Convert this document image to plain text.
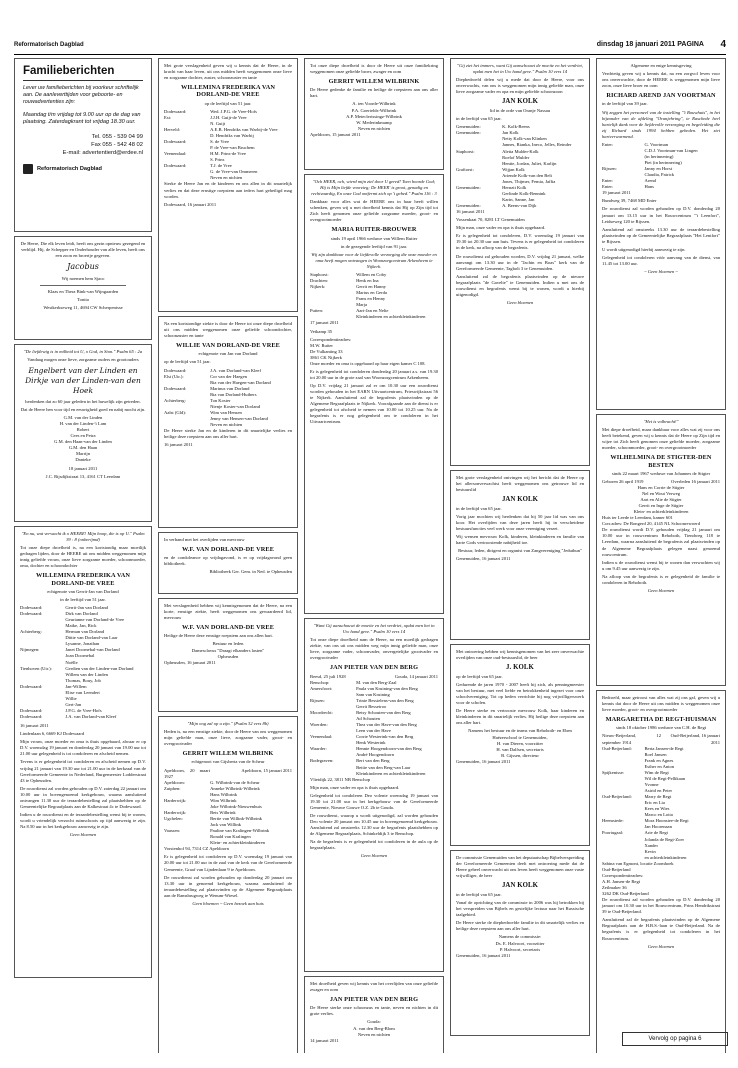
Reformatorisch Dagblad	dinsdag 18 januari 2011 PAGINA 4
Familieberichten
Lever uw familieberichten bij voorkeur schriftelijk aan. De aanleverttijden voor geboorte- en rouwadvertenties zijn:
Maandag t/m vrijdag tot 9.00 uur op de dag van plaatsing. Zaterdagkrant tot vrijdag 18.30 uur.
Tel. 055 - 539 04 99
Fax 055 - 542 48 02
E-mail: advertentierd@erdee.nl
Reformatorisch Dagblad

De Heere, Die elk leven leidt, heeft ons gezin opnieuw gezegend en verblijd. Hij, de Schepper en Onderhouder van alle leven, heeft ons een zoon en broertje gegeven.

Jacobus

Wij noemen hem Sjaco

Klaas en Thera Bink-van Wijngaarden

Tonita

Westkerkseweg 11, 4694 CW Scherpenisse

"De liefdewig is in milheid tot U, o God, in Sion." Psalm 65 : 2a

Vandaag mogen onze lieve, zorgzame ouders en grootouders

Engelbert van der Linden en Dirkje van der Linden-van den Hoek

herdenken dat zo 60 jaar geleden in het huwelijk zijn getreden.

Dat de Heere hen voor tijd en eeuwigheid goed en nabij mocht zijn.

G.M. van der Linden
H. van der Linden-'t Lam
Robert
Cees en Petra
G.M. den Haan-van der Linden
G.M. den Haan
Marrijn
Danieke

18 januari 2011

J.C. Rijsdijkstraat 13, 4161 CT Leerdam

"En nu, wat verwacht ik o HEERE! Mijn hoop, die is op U." Psalm 39 : 8 (onberijmd)

Tot onze diepe droefheid is, na een kortstondig maar moeilijk gedragen lijden, door de HEERE uit ons midden weggenomen mijn innig geliefde vrouw, onze lieve zorgzame moeder, schoonmoeder, oma, dochter en schoondochter

WILLEMINA FREDERIKA VAN DORLAND-DE VREE

echtgenote van Gerrit-Jan van Dorland

in de leeftijd van 51 jaar.

Dodewaard:	Gerrit-Jan van Dorland
Dodewaard:	Dirk van Dorland
Geurianne van Dorland-de Vree
Maike, Jan, Rick
Achterberg:	Herman van Dorland
Dittie van Dorland-van Laar
Lysanne, Jonathan
Nijmegen:	Janet Doornebal-van Dorland
Joan Doornebal
Noëlle
Tienhoven (Utr.):	Gerdien van der Linden-van Dorland
Willem van der Linden
Thomas, Bouy, Job
Dodewaard:	Jan-Willem
Elise van Leendert
Willie
Gert-Jan
Dodewaard:	J.P.G. de Vree-Hofs
Dodewaard:	J.A. van Dorland-van Kleef

16 januari 2011

Lindenlaan 6, 6669 KJ Dodewaard

Mijn vrouw, onze moeder en oma is thuis opgebaard, alwaar er op D.V. woensdag 19 januari en donderdag 20 januari van 19.00 uur tot 21.00 uur gelegenheid is tot condoleren en afscheid nemen.

Tevens is er gelegenheid tot condoleren en afscheid nemen op D.V. vrijdag 21 januari van 19.30 uur tot 21.00 uur in de kerkzaal van de Gereformeerde Gemeente in Nederland, Burgemeester Lodderstraat 43 te Opheusden.

De rouwdienst zal worden gehouden op D.V. zaterdag 22 januari om 10.00 uur in bovengenoemd kerkgebouw, waarna aansluitend ontvangen 11.30 uur de teraardebestelling zal plaatsbehben op de Gemeentelijke Begraafplaats aan de Kalkestraat 4c te Dodewaard.

Indien u de rouwdienst en de teraardebestelling wenst bij te wonen, wordt u vriendelijk verzocht ruimschoots op tijd aanwezig te zijn. Na 8.50 uur in het kerkgebouw aanwezig te zijn.

Geen bloemen

Met grote verslagenheid geven wij u kennis dat de Heere, in de kracht van haar leven, uit ons midden heeft weggenomen onze lieve en zorgzame dochter, zuster, schoonzuster en tante

WILLEMINA FREDERIKA VAN DORLAND-DE VREE

op de leeftijd van 51 jaar.

Dodewaard:	Wed. J.P.G. de Vree-Hofs
Est:	J.J.H. Guijt-de Vree
N. Guijt
Herveld:	A.E.B. Hendriks van Warbij-de Vree
D. Hendriks van Warbij
Dodewaard:	S. de Vree
P. de Vree-van Bruchem
Veenendaal:	H.M. Prins-de Vree
S. Prins
Dodewaard:	T.J. de Vree
G. de Vree-van Ommeren
Neven en nichten

Sterke de Heere Jan en de kinderen en ons allen in dit smartelijk verlies en dat deze ernstige roepstem aan ieders hart geheiligd mag worden.

Dodewaard, 16 januari 2011

Na een kortstondige ziekte is door de Heere tot onze diepe droefheid uit ons midden weggenomen onze geliefde schoondochter, schoonzuster en tante

WILLIE VAN DORLAND-DE VREE

echtgenote van Jan van Dorland

op de leeftijd van 51 jaar.

Dodewaard:	J.A. van Dorland-van Kleef
Elst (Utr.):	Cor van der Haegen
Ria van der Haegen-van Dorland
Dodewaard:	Marinus van Dorland
Ria van Dorland-Huibers
Achterberg:	Ton Koster
Nienje Koster-van Dorland
Aalst (Gld):	Wim van Hensen
Jenny van Hensen-van Dorland
Neven en nichten

De Heere sterke Jan en de kinderen in dit smartelijke verlies en heilige deze roepstem aan ons aller hart.

16 januari 2011

In verband met het overlijden van mevrouw

W.F. VAN DORLAND-DE VREE

en de condoleance op vrijdagavond, is er op vrijdagavond geen bibliotheek.

Bibliotheek Ger. Gem. in Ned. te Opheusden

Met verslagenheid hebben wij kennisgenomen dat de Heere, na een korte, ernstige ziekte, heeft weggenomen ons gewaardeerd lid, mevrouw

W.F. VAN DORLAND-DE VREE

Heilige de Heere deze ernstige roepstem aan ons allen hart.

Bestuur en leden
Damesclavus "Draagt elkanders lasten"
Opheusden

Opheusden, 16 januari 2011

"Mijn oog zal op u zijn." (Psalm 32 vers 8b)

Heden is, na een ernstige ziekte, door de Heere van ons weggenomen mijn geliefde man, onze lieve, zorgzame vader, groot- en overgrootvader

GERRIT WILLEM WILBRINK

echtgenoot van Gijsberta van de Scheur

Apeldoorn, 20 maart 1927
Apeldoorn, 15 januari 2011
Apeldoorn:	G. Wilbrink-van de Scheur
Zutphen:	Anneke Wilbrink-Wilbrink
Hans Wilbrink
Harderwijk:	Wim Wilbrink
Joke Wilbrink-Nieuwenhuis
Harderwijk:	Bets Wilbrink
Ugchelen:	Bertie van Willink-Wilbrink
Jack van Willink
Vaassen:	Pauline van Kralingen-Wilbrink
Ronald van Kralingen
Klein- en achterkleinkinderen

Vorstenhof 94, 7314 CZ Apeldoorn

Er is gelegenheid tot condoleren op D.V. woensdag 19 januari van 20.00 uur tot 21.00 uur in de zaal van de kerk van de Gereformeerde Gemeente, Graaf van Lijndenlaan 9 te Apeldoorn.

De rouwdienst zal worden gehouden op donderdag 20 januari om 13.30 uur in genoemd kerkgebouw, waarna aansluitend de teraardebestelling zal plaatsvinden op de Algemene Begraafplaats aan de Ramsbrugweg te Wenum-Wiesel.

Geen bloemen ~ Geen bezoek aan huis

Tot onze diepe droefheid is door de Heere uit onze familiekring weggenomen onze geliefde broer, zwager en oom

GERRIT WILLEM WILBRINK

De Heere gedenke de familie en heilige de roepsteen aan ons aller hart.

A. ten Voorde-Wilbrink
P.A. Goertelds-Wilbrink
A.P. Meteclerissingz-Wilbrink
W. Mederinkmamp
Neven en nichten

Apeldoorn, 15 januari 2011

"Och HEER, och, wierd mijn ziel door U gered! Toen hoorde God; Hij is Mijn liefde voorzieg; De HEER' is groot, genadig en rechtvaardig, En onze God ontfermt zich op 't gebed." Psalm 116 : 3

Dankbaar voor alles wat de HEERE ons in haar heeft willen schenken, geven wij u met droefheid kennis dat Hij op Zijn tijd tot Zich heeft genomen onze geliefde zorgzame moeder, groot- en overgrootmoeder

MARIA RUITER-BROUWER

sinds 19 april 1966 weduwe van Willem Ruiter

in de gezegende leeftijd van 91 jaar.

Wij zijn dankbaar voor de liefdevolle verzorging die onze moeder en oma heeft mogen ontvangen in Woonzorgcentrum Arkenheem te Nijkerk.

Staphorst:	Willem en Coby
Drachten:	Henk en Ina
Nijkerk:	Gerrit en Hanny
Marius en Gerda
Frans en Henny
Marja
Putten:	Aart-Jan en Nelie
Kleinkinderen en achterkleinkinderen

17 januari 2011

Vetkamp 35

Correspondentieadres:
M.W. Ruiter
De Vulkanting 33
3861 CK Nijkerk

Onze moeder en oma is opgebaard op haar eigen kamer C 108.

Er is gelegenheid tot condoleren donderdag 20 januari a.s. van 19.30 tot 20.00 uur in de grote zaal van Woonzorgcentrum Arkenheem.

Op D.V. vrijdag 21 januari zal er om 10.30 uur een rouwdienst worden gehouden in het EARN Uitvaartcentrum, Frieswijkstraat 56 te Nijkerk. Aansluitend zal de begrafenis plaatsvinden op de Algemene Begraafplaats te Nijkerk. Voorafgaande aan de dienst is er gelegenheid tot afscheid te nemen van 10.00 tot 10.25 uur. Na de begrafenis is er nog gelegenheid om te condoleren in het Uitvaartcentrum.

"Want Gij aanschouwt de moeite en het verdriet, opdat men het in Uw hand geve." Psalm 10 vers 14

Tot onze diepe droefheid nam de Heere, na een moeilijk gedragen ziekte, van ons uit ons midden weg mijn innig geliefde man, onze lieve, zorgzame vader, schoonvader, onvergetelijke grootvader en overgrootvader

JAN PIETER VAN DEN BERG
Beesd, 25 juli 1928	Gouda, 14 januari 2011
Benschop:	M. van den Berg-Zaal
Amersfoort:	Paula van Kruining-van den Berg
Sam van Kruining
Rijssen:	Trinie Bessielens-van den Berg
Gerrit Bessetroo
Moordrecht:	Betsy Schouten-van den Berg
Ad Schouten
Woerden:	Thea van der Have-van den Berg
Leen van der Have
Veenendaal:	Corrie Westerink-van den Berg
Henk Westerink
Waarder:	Hennie Hoogendoorn-van den Berg
André Hoogendoorn
Bodegraven:	Bert van den Berg
Bettie van den Berg-van Laar
Kleinkinderen en achterkleinkinderen

Vlietdijk 22, 3811 NB Benschop

Mijn man, onze vader en opa is thuis opgebaard.

Gelegenheid tot condoleren Deo volente woensdag 19 januari van 19.30 tot 21.00 uur in het kerkgebouw van de Gereformeerde Gemeente, Nieuwe Gouwe O.Z. 2b te Gouda.

De rouwdienst, waarop u wordt uitgenodigd, zal worden gehouden Deo volente 20 januari om 10.45 uur in bovengenoemd kerkgebouw. Aansluitend zal omstreeks 12.30 uur de begrafenis plaatshebben op de Algemene Begraafplaats, Schinkeldijk 3 te Benschop.

Na de begrafenis is er gelegenheid tot condoleren in de aula op de begraafplaats.

Geen bloemen

Met droefheid geven wij kennis van het overlijden van onze geliefde zwager en oom

JAN PIETER VAN DEN BERG

De Heere sterke onze schoonzus en tante, neven en nichten in dit grote verlies.

Gouda:
A. van den Berg-Blom
Neven en nichten

14 januari 2011

"Gij ziet het immers, want Gij aanschouwt de moeite en het verdriet, opdat men het in Uw hand geve." Psalm 10 vers 14

Diepbedroefd delen wij u mede dat door de Heere, voor ons onverwachts, van ons is weggenomen mijn innig geliefde man, onze lieve zorgzame vader en opa en mijn geliefde schoonzoon

JAN KOLK

lid in de orde van Oranje Nassau

in de leeftijd van 65 jaar.

Genemuiden:	K. Kolk-Beens
Genemuiden:	Jan Kolk
Netty Kolk-van Klinken
Jannes, Rianka, Ineco, Jelles, Reinder
Staphorst:	Aletta Mulder-Kolk
Roelof Mulder
Hentie, Jordan, Juliet, Karlijn
Graftorst:	Wijjan Kolk
Ariende Kolk-van den Belt
Jones, Thijmer, Femia, Jaffia
Genemuiden:	Hernzit Kolk
Gerlinde Kolk-Bennink
Karin, Sanne, Jan
Genemuiden:	A. Beens-van Dijk

16 januari 2011

Vossenkaat 70, 8281 LT Genemuiden

Mijn man, onze vader en opa is thuis opgebaard.

Er is gelegenheid tot condoleren, D.V. woensdag 19 januari van 19.30 tot 20.30 uur aan huis. Tevens is er gelegenheid tot condoleren in de kerk, na afloop van de begrafenis.

De rouwdienst zal gehouden worden, D.V. vrijdag 21 januari, welke aanvangt om 13.30 uur in de "Jachin en Boas" kerk van de Gereformeerde Gemeente, Tagbolt 3 te Genemuiden.

Aansluitend zal de begrafenis plaatsvinden op de nieuwe begraafplaats "de Gavelte" te Genemuiden. Indien u met ons de rouwdienst en begrafenis wenst bij te wonen, wordt u hierbij uitgenodigd.

Geen bloemen

Met grote verslagenheid ontvingen wij het bericht dat de Heere op het allersonverwachtst heeft weggenomen ons getrouwe lid en bestuurslid

JAN KOLK

in de leeftijd van 65 jaar.

Vorig jaar mochten wij herdenken dat hij 50 jaar lid was van ons koor. Het overlijden van deze jaren heeft hij in verscheidene bestuursfuncties veel werk voor onze vereniging verzet.

Wij wensen mevrouw Kolk, kinderen, kleinkinderen en familie van harte Gods vertroostende nabijheid toe.

Bestuur, leden, dirigent en organist van Zangvereniging "Jeduthun"

Genemuiden, 16 januari 2011

Met ontroering hebben wij kennisgenomen van het zeer onverwachte overlijden van onze oud-bestuurslid, de heer

J. KOLK

op de leeftijd van 65 jaar.

Gedurende de jaren 1970 - 2007 heeft hij zich, als penningmeester van het bestuur, met veel liefde en betrokkenheid ingezet voor onze schoolvereniging. Tot op heden verrichtte hij nog vrijwilligerswerk voor de scholen.

De Heere sterke en vertrooste mevrouw Kolk, haar kinderen en kleinkinderen in dit smartelijk verlies. Hij heilige deze roepstem aan ons aller hart.

Namens het bestuur en de teams van Rehoboth- en Eben Haëzerschool te Genemuiden,
H. van Dieren, voorzitter
H. van Dalfsen, secretaris
B. Gijssen, directeur

Genemuiden, 16 januari 2011

De commissie Genemuiden van het deputaatschap Bijbelverspreiding der Gereformeerde Gemeenten deelt met ontroering mede dat de Heere geheel onverwacht uit ons leven heeft weggenomen onze vaste vrijwilliger, de heer

JAN KOLK

in de leeftijd van 65 jaar.

Vanaf de oprichting van de commissie in 2006 was hij betrokken bij het verspreiden van Bijbels en gestelijke lectuur naar het Russische taalgebied.

De Heere sterke de diepbedroefde familie in dit smartelijk verlies en heilige deze roepstem aan ons aller hart.

Namens de commissie:
Ds. E. Halvoort, voorzitter
P. Halvoort, secretaris

Genemuiden, 16 januari 2011

Algemene en enige kennisgeving

Verdrietig geven wij u kennis dat, na een zorgvol leven voor ons onverwachte, door de HEERE is weggenomen mijn lieve zoon, onze lieve broer en oom

RICHARD AREND JAN VOORTMAN

in de leeftijd van 39 jaar.

Wij zeggen het personeel van de instelling "'t Bouwhuis", in het bijzonder van de afdeling "Oranjehring", te Raschede heel hartelijk dank voor de liefdevolle verzorging en begeleiding die zij Richard sinds 1994 hebben gebeden. Het ziet hartverwarmend.

Enter:	G. Voortman
C.D.J. Voortman-van Lingen
(in herinnering)
Piet (in herinnering)
Rijssen:	Janny en Horst
Claudia, Patrick
Enter:	Arend
Enter:	Hans

19 januari 2011

Bundweg 39, 7468 MD Enter

De rouwdienst zal worden gehouden op D.V. donderdag 20 januari om 13.15 uur in het Rouwcentrum "'t Leenfort", Leidseweg 120 te Rijssen.

Aansluitend zal omstreeks 13.30 uur de teraardebestelling plaatsvinden op de Gemeentelijke Begraafplaats "Het Lentfort" te Rijssen.

U wordt uitgenodigd hierbij aanwezig te zijn.

Gelegenheid tot condoleren vóór aanvang van de dienst, van 11.45 tot 13.00 uur.

~ Geen bloemen ~

"Het is volbracht!"

Met diepe droefheid, maar dankbaar voor alles wat zij voor ons heeft betekend, geven wij u kennis dat de Heere op Zijn tijd en wijze tot Zich heeft genomen onze geliefde moeder, zorgzame moeder, schoonmoeder, groot- en overgrootmoeder

WILHELMINA DE STIGTER-DEN BESTEN

sinds 22 maart 1967 weduwe van Johannes de Stigter

Geboren 26 april 1919	Overleden 16 januari 2011
Hans en Corrie de Stigter
Nel en Wout Verweg
Aart en Alie de Stigter
Gerrit en Inge de Stigter
Klein- en achterkleinkinderen
Huis ter Leede te Leerdam, kamer 601
Corr.adres: De Bongerd 20, 4145 NL Schoonrewoerd

De rouwdienst wordt D.V. gehouden vrijdag 21 januari om 10.00 uur in rouwcentrum Rehoboth, Tiendweg 118 te Leerdam, waarna aansluitend de begrafenis zal plaatsvinden op de Algemene Begraafplaats gelegen naast genoemd rouwcentrum.

Indien u de rouwdienst wenst bij te wonen dan verwachten wij u om 9.45 uur aanwezig te zijn.

Na afloop van de begrafenis is er gelegenheid de familie te condoleren in Rehoboth.

Geen bloemen

Bedroefd, maar getroost van alles wat zij ons gaf, geven wij u kennis dat door de Heere uit ons midden is weggenomen onze lieve moeder, groot- en overgrootmoeder

MARGARETHA DE REGT-HUISMAN

sinds 18 oktober 1986 weduwe van C.H. de Regt

Nieuw-Beijerland, 12 september 1914
Oud-Beijerland, 16 januari 2011
Oud-Beijerland:	Berta Jansen-de Regt
Roel Jansen
Frank en Agnes
Esther en Anton
Spijkenisse:	Wim de Regt
Wil de Regt-Pellikaan
Yvonne
Astrid en Peter
Oud-Beijerland:	Marry de Regt
Eric en Lia
Kees en Wies
Marco en Lotta
Heemstede:	Mora Hoonstee-de Regt
Jan Hoorenaan
Poortugaal:	Arie de Regt
Jolanda de Regt-Zoer
Xander
Kevin
en achterkleinkinderen
Sabina van Egmont, locatie Zoomhoek
Oud-Beijerland
Correspondentieadres:
A.H. Jansen-de Regt
Zeilmaker 36
3262 DK Oud-Beijerland

De rouwdienst zal worden gehouden op D.V. donderdag 20 januari om 10.30 uur in het Rouwcentrum, Prins Hendrikstraat 39 te Oud-Beijerland.

Aansluitend zal de begrafenis plaatsvinden op de Algemene Begraafplaats aan de H.B.S.-laan te Oud-Beijerland. Na de begrafenis is er gelegenheid tot condoleren in het Rouwcentrum.

Geen bloemen

Vervolg op pagina 6
